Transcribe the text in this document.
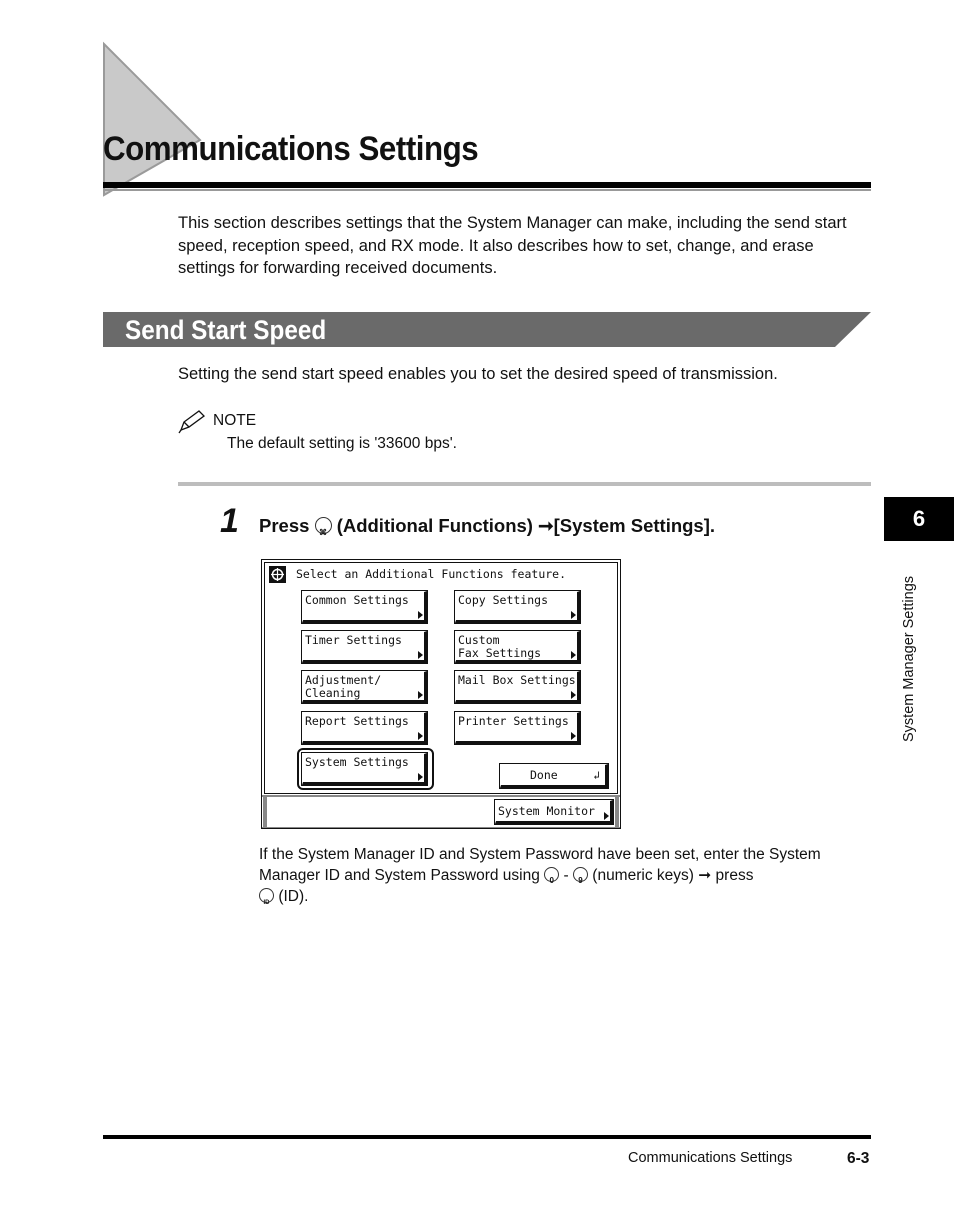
Communications Settings
This section describes settings that the System Manager can make, including the send start speed, reception speed, and RX mode. It also describes how to set, change, and erase settings for forwarding received documents.
Send Start Speed
Setting the send start speed enables you to set the desired speed of transmission.
NOTE
The default setting is '33600 bps'.
1 Press ⌘ (Additional Functions) ➞[System Settings].
Select an Additional Functions feature.
Common Settings	Copy Settings
Timer Settings	Custom
Fax Settings
Adjustment/
Cleaning
Mail Box Settings
Report Settings	Printer Settings
System Settings
Done	↲
System Monitor
If the System Manager ID and System Password have been set, enter the System Manager ID and System Password using 0 - 9 (numeric keys) ➞ press
ID (ID).
6
System Manager Settings
Communications Settings	6-3
